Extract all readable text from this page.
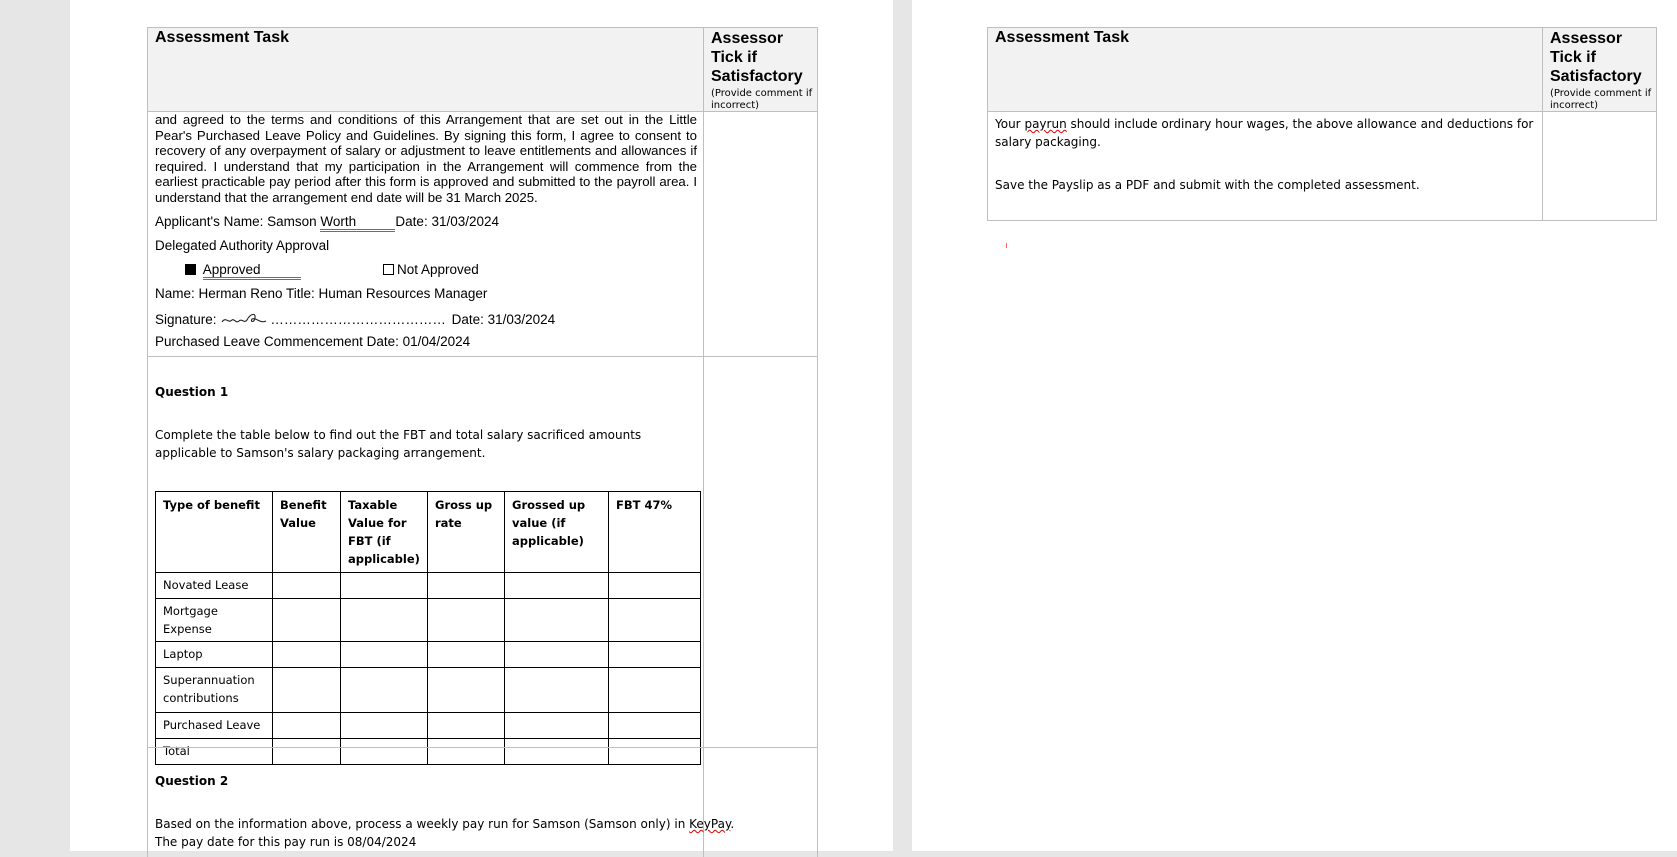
Assessment Task	Assessor Tick if Satisfactory
(Provide comment if incorrect)
and agreed to the terms and conditions of this Arrangement that are set out in the Little Pear's Purchased Leave Policy and Guidelines. By signing this form, I agree to consent to recovery of any overpayment of salary or adjustment to leave entitlements and allowances if required. I understand that my participation in the Arrangement will commence from the earliest practicable pay period after this form is approved and submitted to the payroll area. I understand that the arrangement end date will be 31 March 2025.
Applicant's Name: Samson Worth	Date: 31/03/2024
Delegated Authority Approval
Approved	Not Approved
Name: Herman Reno Title: Human Resources Manager
Signature:	………………………………… Date: 31/03/2024
Purchased Leave Commencement Date: 01/04/2024
Question 1
Complete the table below to find out the FBT and total salary sacrificed amounts applicable to Samson's salary packaging arrangement.
Type of benefit	Benefit Value	Taxable Value for FBT (if applicable)	Gross up rate	Grossed up value (if applicable)	FBT 47%
Novated Lease					
Mortgage Expense					
Laptop					
Superannuation contributions					
Purchased Leave					
Total					
Question 2
Based on the information above, process a weekly pay run for Samson (Samson only) in KeyPay.
The pay date for this pay run is 08/04/2024
Assessment Task	Assessor Tick if Satisfactory
(Provide comment if incorrect)
Your payrun should include ordinary hour wages, the above allowance and deductions for salary packaging.
Save the Payslip as a PDF and submit with the completed assessment.
